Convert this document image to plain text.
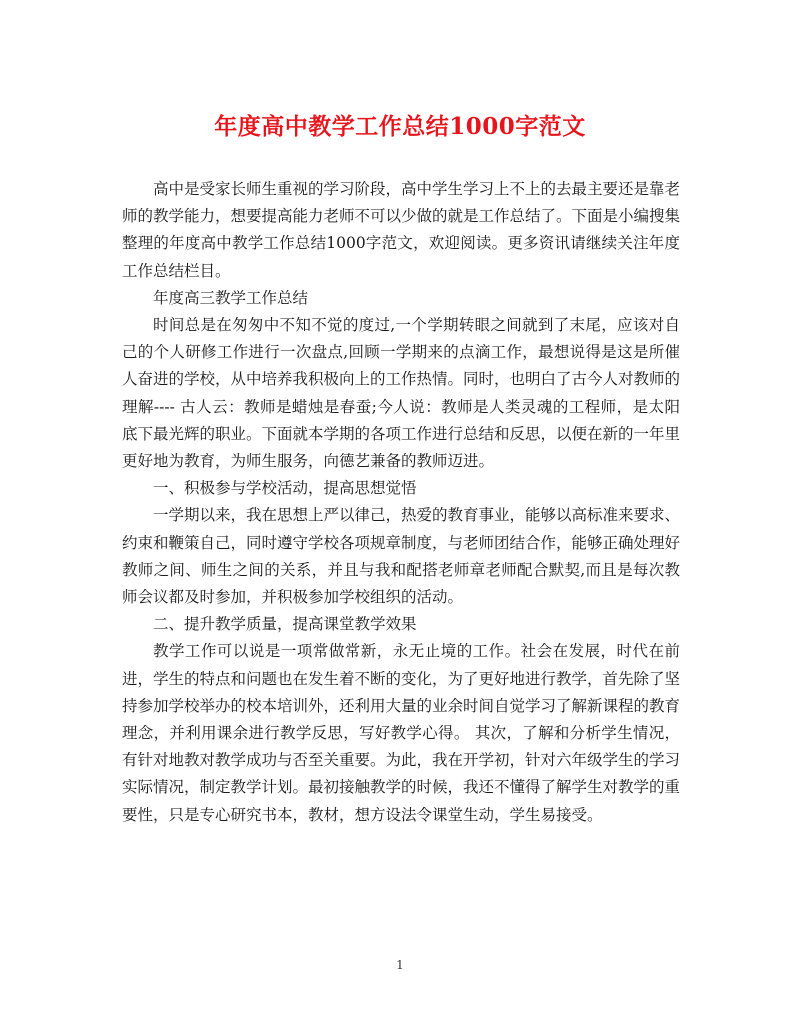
年度高中教学工作总结1000字范文

高中是受家长师生重视的学习阶段，高中学生学习上不上的去最主要还是靠老师的教学能力，想要提高能力老师不可以少做的就是工作总结了。下面是小编搜集整理的年度高中教学工作总结1000字范文，欢迎阅读。更多资讯请继续关注年度工作总结栏目。

年度高三教学工作总结

时间总是在匆匆中不知不觉的度过,一个学期转眼之间就到了末尾，应该对自己的个人研修工作进行一次盘点,回顾一学期来的点滴工作，最想说得是这是所催人奋进的学校，从中培养我积极向上的工作热情。同时，也明白了古今人对教师的理解---- 古人云：教师是蜡烛是春蚕;今人说：教师是人类灵魂的工程师，是太阳底下最光辉的职业。下面就本学期的各项工作进行总结和反思，以便在新的一年里更好地为教育，为师生服务，向德艺兼备的教师迈进。

一、积极参与学校活动，提高思想觉悟

一学期以来，我在思想上严以律己，热爱的教育事业，能够以高标准来要求、约束和鞭策自己，同时遵守学校各项规章制度，与老师团结合作，能够正确处理好教师之间、师生之间的关系，并且与我和配搭老师章老师配合默契,而且是每次教师会议都及时参加，并积极参加学校组织的活动。

二、提升教学质量，提高课堂教学效果

教学工作可以说是一项常做常新，永无止境的工作。社会在发展，时代在前进，学生的特点和问题也在发生着不断的变化，为了更好地进行教学，首先除了坚持参加学校举办的校本培训外，还利用大量的业余时间自觉学习了解新课程的教育理念，并利用课余进行教学反思，写好教学心得。 其次，了解和分析学生情况，有针对地教对教学成功与否至关重要。为此，我在开学初，针对六年级学生的学习实际情况，制定教学计划。最初接触教学的时候，我还不懂得了解学生对教学的重要性，只是专心研究书本，教材，想方设法令课堂生动，学生易接受。

1
